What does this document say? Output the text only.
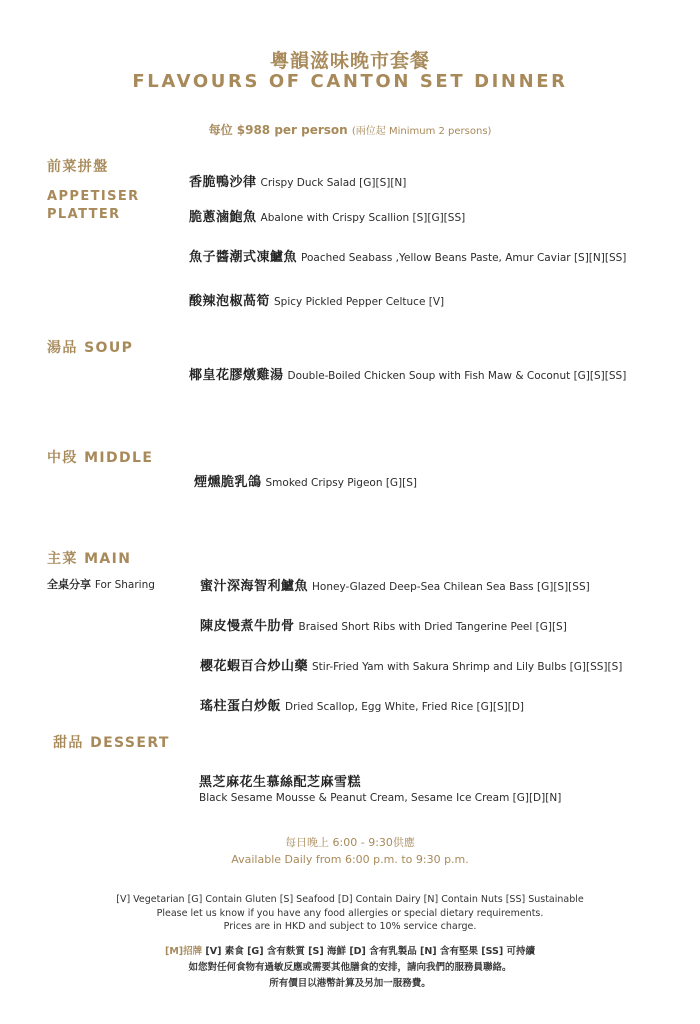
粵韻滋味晚市套餐
FLAVOURS OF CANTON SET DINNER
每位 $988 per person (兩位起 Minimum 2 persons)
前菜拼盤
APPETISER
PLATTER
香脆鴨沙律 Crispy Duck Salad [G][S][N]
脆蔥滷鮑魚 Abalone with Crispy Scallion [S][G][SS]
魚子醬潮式凍鱸魚 Poached Seabass ,Yellow Beans Paste, Amur Caviar [S][N][SS]
酸辣泡椒萵筍 Spicy Pickled Pepper Celtuce [V]
湯品 SOUP
椰皇花膠燉雞湯 Double-Boiled Chicken Soup with Fish Maw & Coconut [G][S][SS]
中段 MIDDLE
煙燻脆乳鴿 Smoked Cripsy Pigeon [G][S]
主菜 MAIN
全桌分享 For Sharing	蜜汁深海智利鱸魚 Honey-Glazed Deep-Sea Chilean Sea Bass [G][S][SS]
陳皮慢煮牛肋骨 Braised Short Ribs with Dried Tangerine Peel [G][S]
櫻花蝦百合炒山藥 Stir-Fried Yam with Sakura Shrimp and Lily Bulbs [G][SS][S]
瑤柱蛋白炒飯 Dried Scallop, Egg White, Fried Rice [G][S][D]
甜品 DESSERT
黑芝麻花生慕絲配芝麻雪糕
Black Sesame Mousse & Peanut Cream, Sesame Ice Cream [G][D][N]
每日晚上 6:00 - 9:30供應
Available Daily from 6:00 p.m. to 9:30 p.m.
[V] Vegetarian [G] Contain Gluten [S] Seafood [D] Contain Dairy [N] Contain Nuts [SS] Sustainable
Please let us know if you have any food allergies or special dietary requirements.
Prices are in HKD and subject to 10% service charge.
[M]招牌 [V] 素食 [G] 含有麩質 [S] 海鮮 [D] 含有乳製品 [N] 含有堅果 [SS] 可持續
如您對任何食物有過敏反應或需要其他膳食的安排，請向我們的服務員聯絡。
所有價目以港幣計算及另加一服務費。
